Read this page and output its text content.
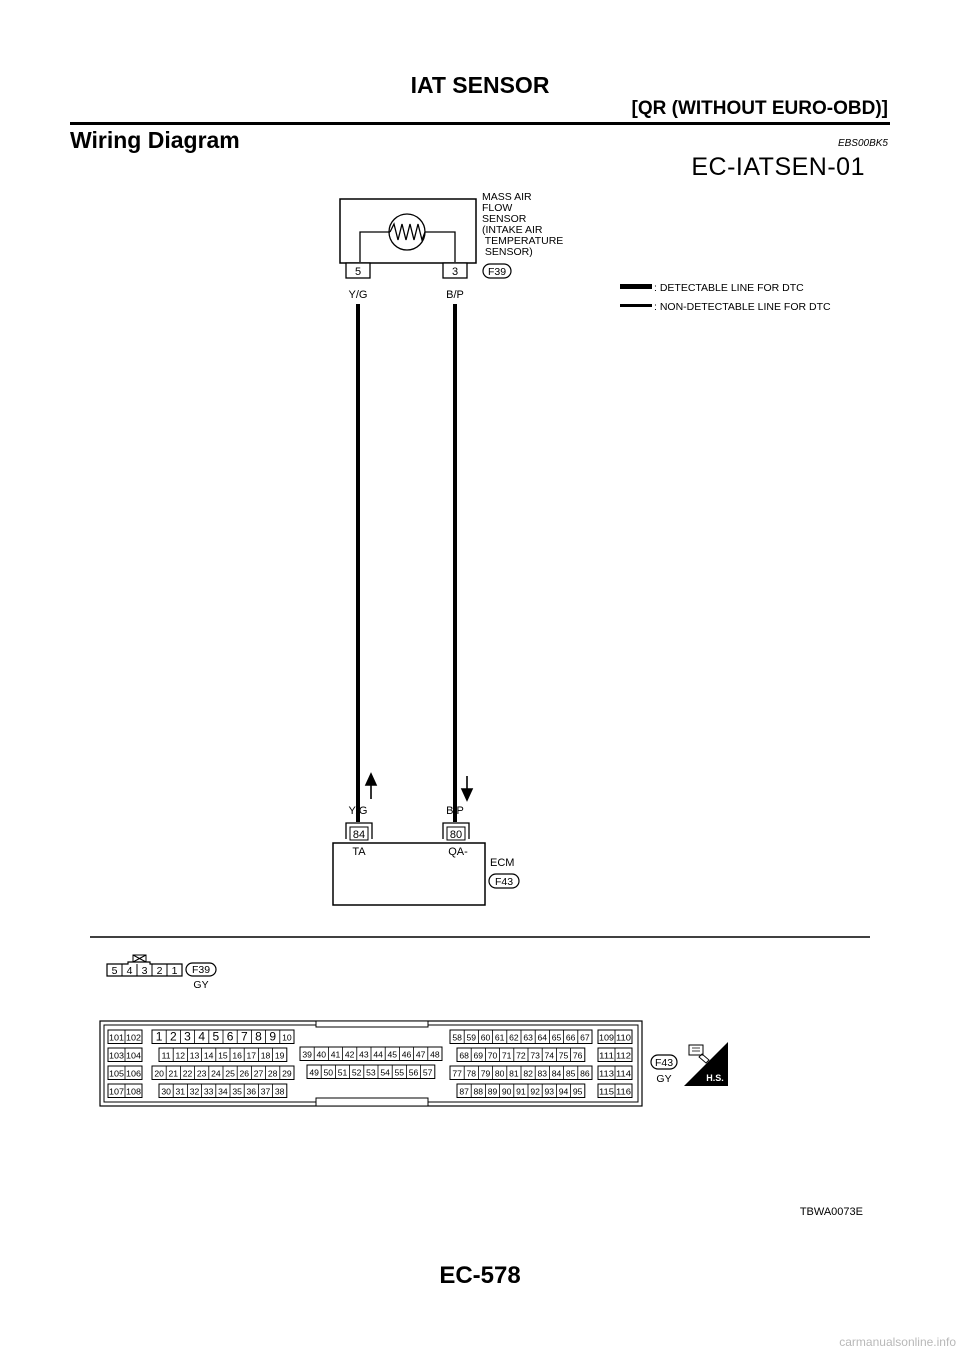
IAT SENSOR
[QR (WITHOUT EURO-OBD)]
Wiring Diagram	EBS00BK5
EC-IATSEN-01
MASS AIR
FLOW
SENSOR
(INTAKE AIR
TEMPERATURE
SENSOR)
5	3	F39
Y/G	B/P
: DETECTABLE LINE FOR DTC
: NON-DETECTABLE LINE FOR DTC
Y/G	B/P
84	80
TA	QA-
ECM
F43
5 4 3 2 1 F39
GY
101 102
103 104
105 106
107 108
1 2 3 4 5 6 7 8 9 10
11 12 13 14 15 16 17 18 19
20 21 22 23 24 25 26 27 28 29
30 31 32 33 34 35 36 37 38
39 40 41 42 43 44 45 46 47 48
49 50 51 52 53 54 55 56 57
58 59 60 61 62 63 64 65 66 67
68 69 70 71 72 73 74 75 76
77 78 79 80 81 82 83 84 85 86
87 88 89 90 91 92 93 94 95
109 110
111 112
113 114
115 116
F43
GY	H.S.
TBWA0073E
EC-578
carmanualsonline.info
